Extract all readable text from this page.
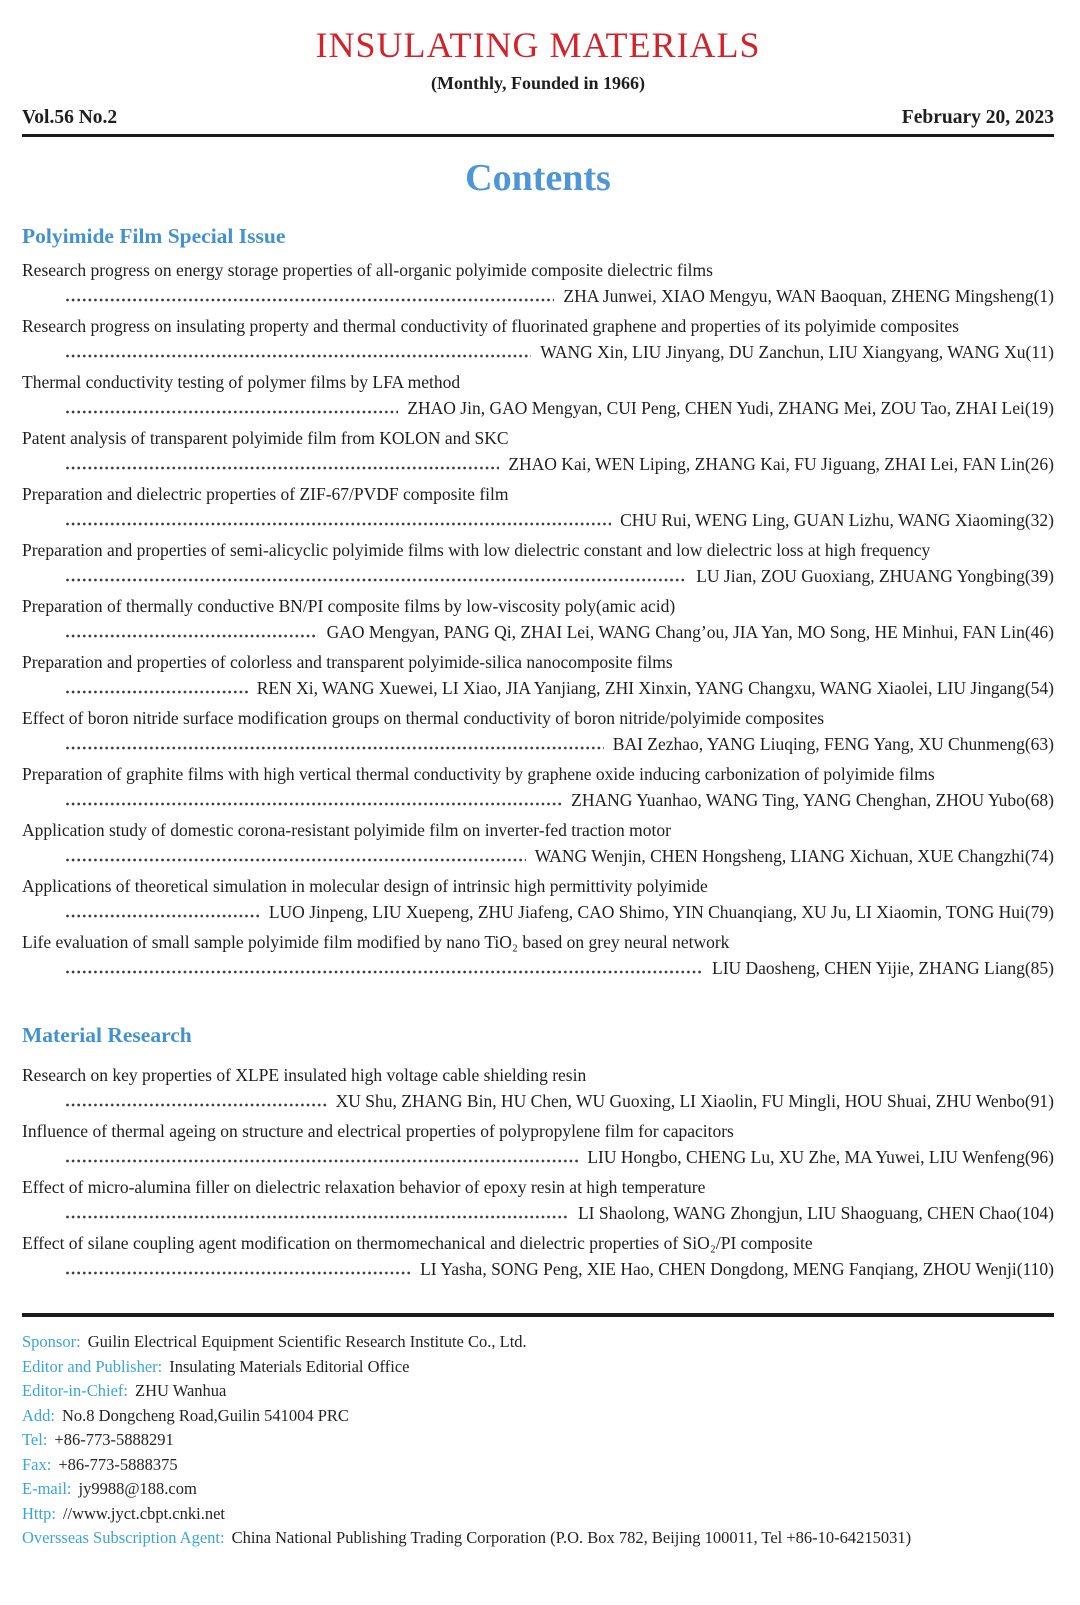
INSULATING MATERIALS
(Monthly, Founded in 1966)
Vol.56 No.2	February 20, 2023
Contents
Polyimide Film Special Issue
Research progress on energy storage properties of all-organic polyimide composite dielectric films
ZHA Junwei, XIAO Mengyu, WAN Baoquan, ZHENG Mingsheng(1)
Research progress on insulating property and thermal conductivity of fluorinated graphene and properties of its polyimide composites
WANG Xin, LIU Jinyang, DU Zanchun, LIU Xiangyang, WANG Xu(11)
Thermal conductivity testing of polymer films by LFA method
ZHAO Jin, GAO Mengyan, CUI Peng, CHEN Yudi, ZHANG Mei, ZOU Tao, ZHAI Lei(19)
Patent analysis of transparent polyimide film from KOLON and SKC
ZHAO Kai, WEN Liping, ZHANG Kai, FU Jiguang, ZHAI Lei, FAN Lin(26)
Preparation and dielectric properties of ZIF-67/PVDF composite film
CHU Rui, WENG Ling, GUAN Lizhu, WANG Xiaoming(32)
Preparation and properties of semi-alicyclic polyimide films with low dielectric constant and low dielectric loss at high frequency
LU Jian, ZOU Guoxiang, ZHUANG Yongbing(39)
Preparation of thermally conductive BN/PI composite films by low-viscosity poly(amic acid)
GAO Mengyan, PANG Qi, ZHAI Lei, WANG Chang’ou, JIA Yan, MO Song, HE Minhui, FAN Lin(46)
Preparation and properties of colorless and transparent polyimide-silica nanocomposite films
REN Xi, WANG Xuewei, LI Xiao, JIA Yanjiang, ZHI Xinxin, YANG Changxu, WANG Xiaolei, LIU Jingang(54)
Effect of boron nitride surface modification groups on thermal conductivity of boron nitride/polyimide composites
BAI Zezhao, YANG Liuqing, FENG Yang, XU Chunmeng(63)
Preparation of graphite films with high vertical thermal conductivity by graphene oxide inducing carbonization of polyimide films
ZHANG Yuanhao, WANG Ting, YANG Chenghan, ZHOU Yubo(68)
Application study of domestic corona-resistant polyimide film on inverter-fed traction motor
WANG Wenjin, CHEN Hongsheng, LIANG Xichuan, XUE Changzhi(74)
Applications of theoretical simulation in molecular design of intrinsic high permittivity polyimide
LUO Jinpeng, LIU Xuepeng, ZHU Jiafeng, CAO Shimo, YIN Chuanqiang, XU Ju, LI Xiaomin, TONG Hui(79)
Life evaluation of small sample polyimide film modified by nano TiO₂ based on grey neural network
LIU Daosheng, CHEN Yijie, ZHANG Liang(85)
Material Research
Research on key properties of XLPE insulated high voltage cable shielding resin
XU Shu, ZHANG Bin, HU Chen, WU Guoxing, LI Xiaolin, FU Mingli, HOU Shuai, ZHU Wenbo(91)
Influence of thermal ageing on structure and electrical properties of polypropylene film for capacitors
LIU Hongbo, CHENG Lu, XU Zhe, MA Yuwei, LIU Wenfeng(96)
Effect of micro-alumina filler on dielectric relaxation behavior of epoxy resin at high temperature
LI Shaolong, WANG Zhongjun, LIU Shaoguang, CHEN Chao(104)
Effect of silane coupling agent modification on thermomechanical and dielectric properties of SiO₂/PI composite
LI Yasha, SONG Peng, XIE Hao, CHEN Dongdong, MENG Fanqiang, ZHOU Wenji(110)
Sponsor: Guilin Electrical Equipment Scientific Research Institute Co., Ltd.
Editor and Publisher: Insulating Materials Editorial Office
Editor-in-Chief: ZHU Wanhua
Add: No.8 Dongcheng Road,Guilin 541004 PRC
Tel: +86-773-5888291
Fax: +86-773-5888375
E-mail: jy9988@188.com
Http: //www.jyct.cbpt.cnki.net
Oversseas Subscription Agent: China National Publishing Trading Corporation (P.O. Box 782, Beijing 100011, Tel +86-10-64215031)
